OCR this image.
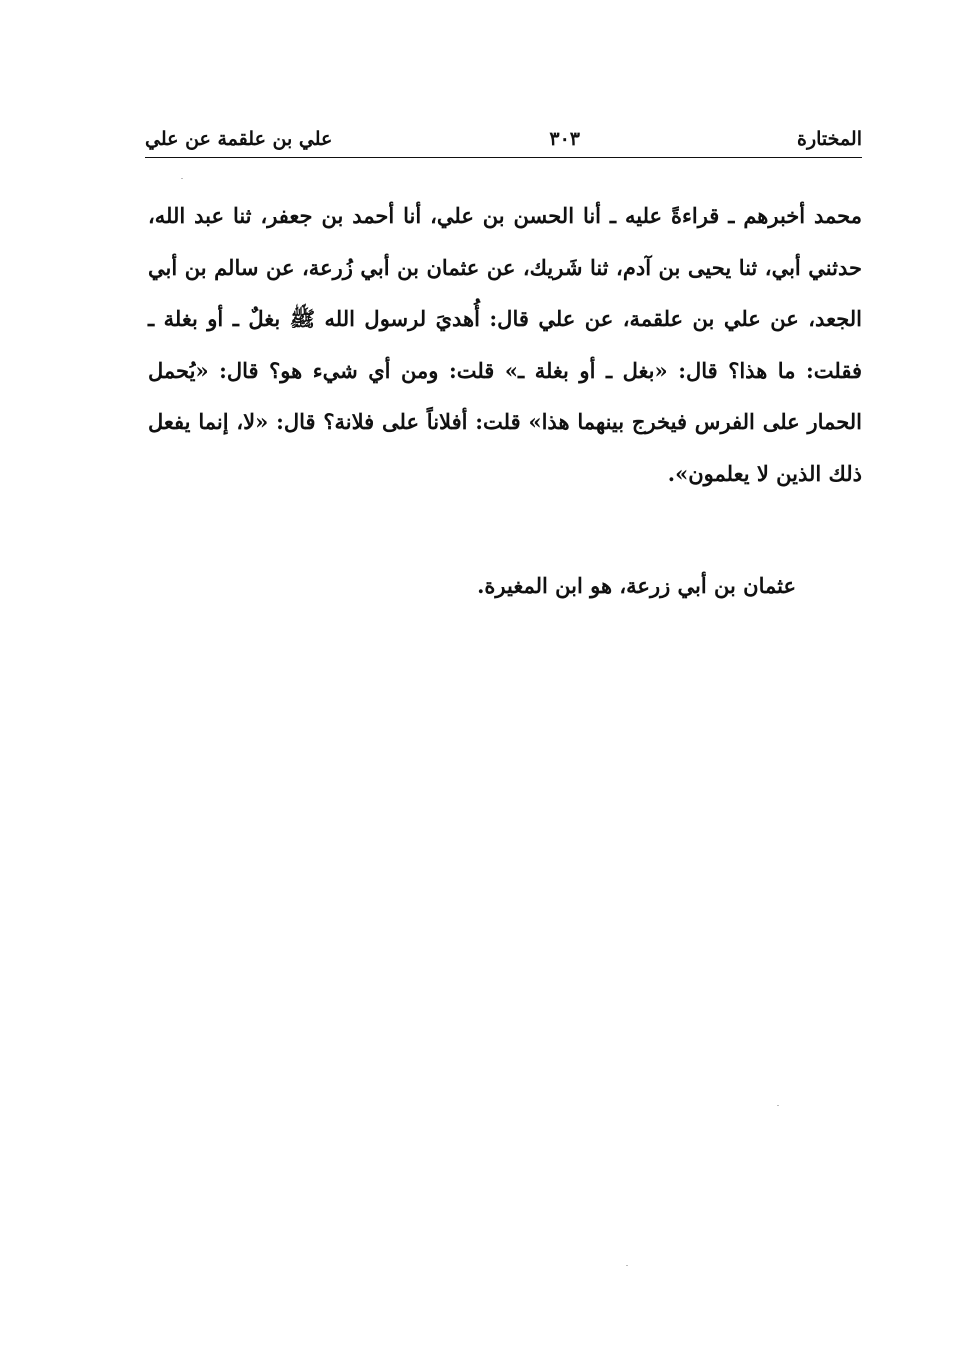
المختارة
٣٠٣
علي بن علقمة عن علي

محمد أخبرهم ـ قراءةً عليه ـ أنا الحسن بن علي، أنا أحمد بن جعفر، ثنا عبد الله، حدثني أبي، ثنا يحيى بن آدم، ثنا شَريك، عن عثمان بن أبي زُرعة، عن سالم بن أبي الجعد، عن علي بن علقمة، عن علي قال: أُهديَ لرسول الله ﷺ بغلٌ ـ أو بغلة ـ فقلت: ما هذا؟ قال: «بغل ـ أو بغلة ـ» قلت: ومن أي شيء هو؟ قال: «يُحمل الحمار على الفرس فيخرج بينهما هذا» قلت: أفلاناً على فلانة؟ قال: «لا، إنما يفعل ذلك الذين لا يعلمون».

عثمان بن أبي زرعة، هو ابن المغيرة.
